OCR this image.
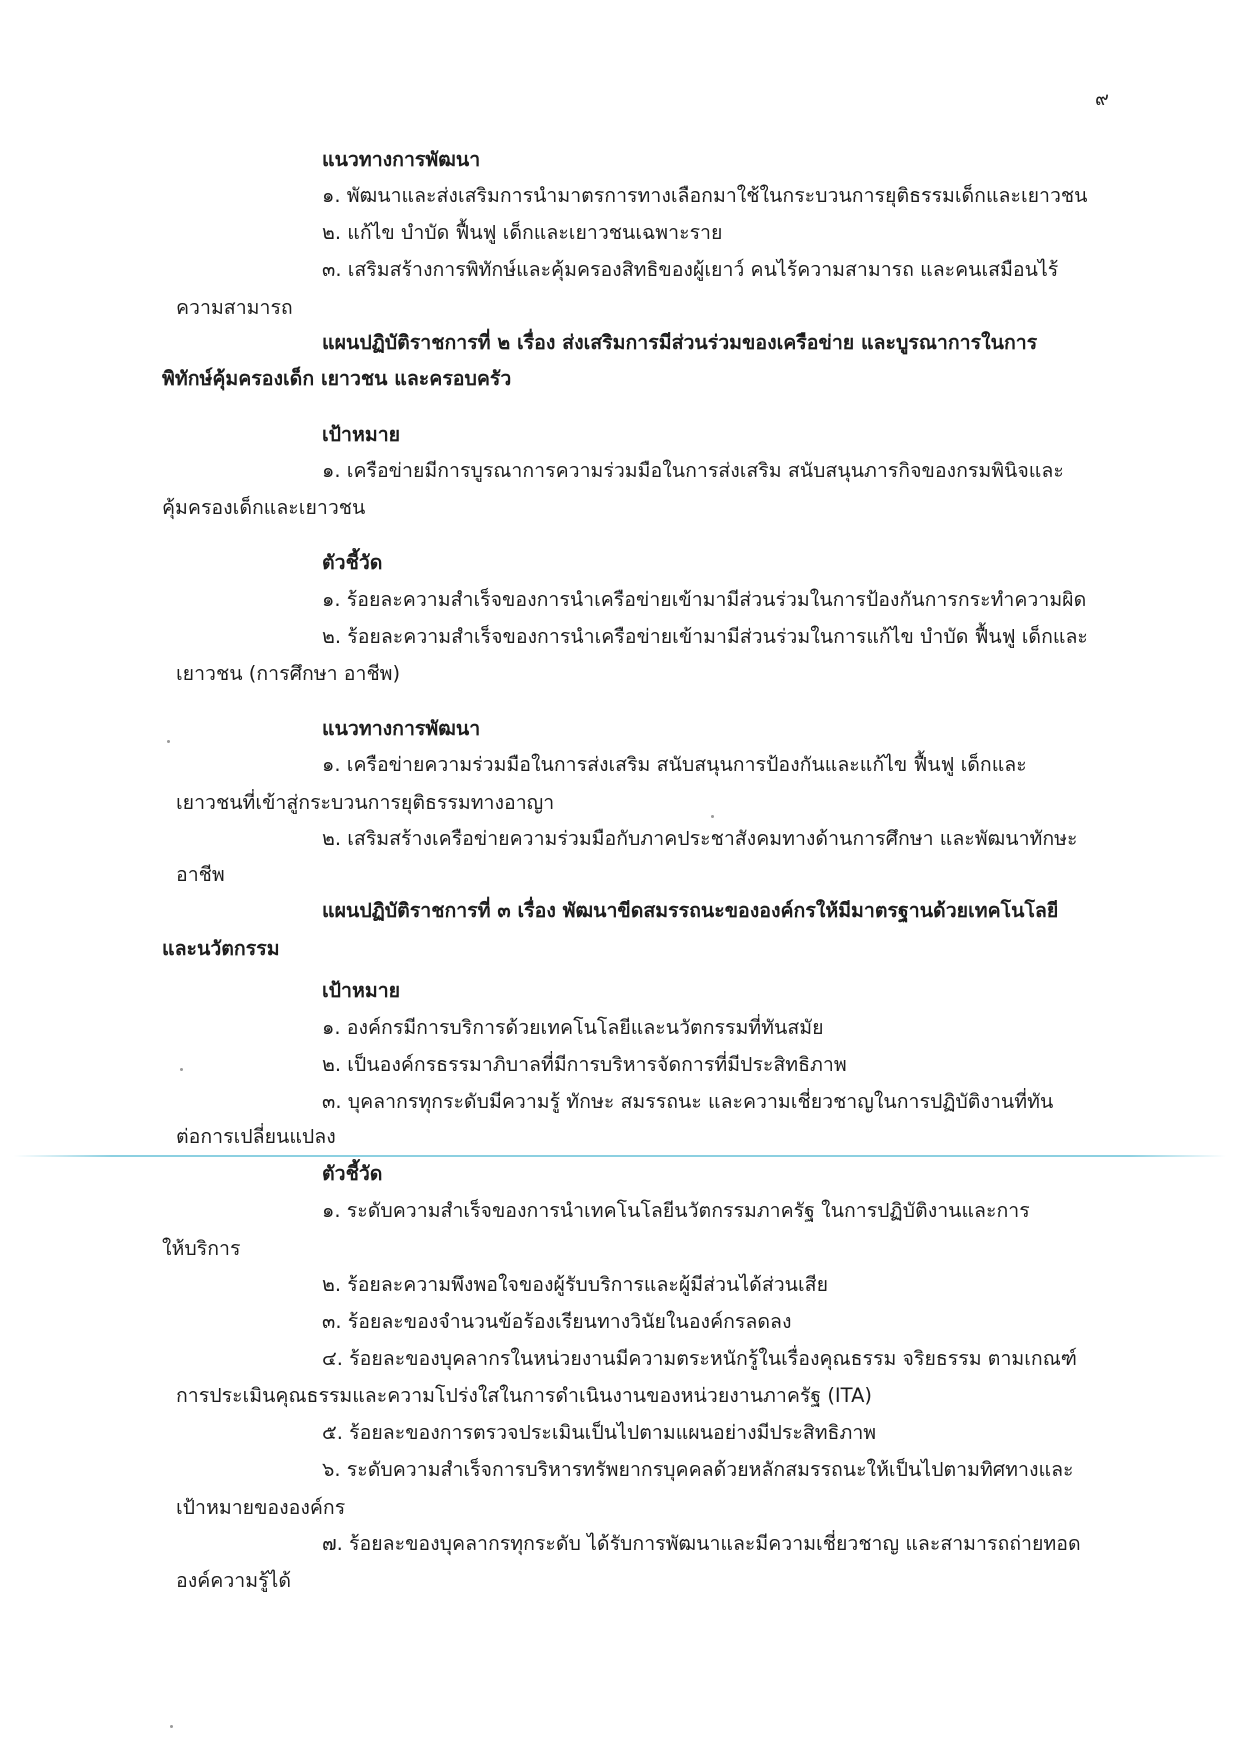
๙
แนวทางการพัฒนา
๑. พัฒนาและส่งเสริมการนำมาตรการทางเลือกมาใช้ในกระบวนการยุติธรรมเด็กและเยาวชน
๒. แก้ไข บำบัด ฟื้นฟู เด็กและเยาวชนเฉพาะราย
๓. เสริมสร้างการพิทักษ์และคุ้มครองสิทธิของผู้เยาว์ คนไร้ความสามารถ และคนเสมือนไร้
ความสามารถ
แผนปฏิบัติราชการที่ ๒ เรื่อง ส่งเสริมการมีส่วนร่วมของเครือข่าย และบูรณาการในการ
พิทักษ์คุ้มครองเด็ก เยาวชน และครอบครัว
เป้าหมาย
๑. เครือข่ายมีการบูรณาการความร่วมมือในการส่งเสริม สนับสนุนภารกิจของกรมพินิจและ
คุ้มครองเด็กและเยาวชน
ตัวชี้วัด
๑. ร้อยละความสำเร็จของการนำเครือข่ายเข้ามามีส่วนร่วมในการป้องกันการกระทำความผิด
๒. ร้อยละความสำเร็จของการนำเครือข่ายเข้ามามีส่วนร่วมในการแก้ไข บำบัด ฟื้นฟู เด็กและ
เยาวชน (การศึกษา อาชีพ)
แนวทางการพัฒนา
๑. เครือข่ายความร่วมมือในการส่งเสริม สนับสนุนการป้องกันและแก้ไข ฟื้นฟู เด็กและ
เยาวชนที่เข้าสู่กระบวนการยุติธรรมทางอาญา
๒. เสริมสร้างเครือข่ายความร่วมมือกับภาคประชาสังคมทางด้านการศึกษา และพัฒนาทักษะ
อาชีพ
แผนปฏิบัติราชการที่ ๓ เรื่อง พัฒนาขีดสมรรถนะขององค์กรให้มีมาตรฐานด้วยเทคโนโลยี
และนวัตกรรม
เป้าหมาย
๑. องค์กรมีการบริการด้วยเทคโนโลยีและนวัตกรรมที่ทันสมัย
๒. เป็นองค์กรธรรมาภิบาลที่มีการบริหารจัดการที่มีประสิทธิภาพ
๓. บุคลากรทุกระดับมีความรู้ ทักษะ สมรรถนะ และความเชี่ยวชาญในการปฏิบัติงานที่ทัน
ต่อการเปลี่ยนแปลง
ตัวชี้วัด
๑. ระดับความสำเร็จของการนำเทคโนโลยีนวัตกรรมภาครัฐ ในการปฏิบัติงานและการ
ให้บริการ
๒. ร้อยละความพึงพอใจของผู้รับบริการและผู้มีส่วนได้ส่วนเสีย
๓. ร้อยละของจำนวนข้อร้องเรียนทางวินัยในองค์กรลดลง
๔. ร้อยละของบุคลากรในหน่วยงานมีความตระหนักรู้ในเรื่องคุณธรรม จริยธรรม ตามเกณฑ์
การประเมินคุณธรรมและความโปร่งใสในการดำเนินงานของหน่วยงานภาครัฐ (ITA)
๕. ร้อยละของการตรวจประเมินเป็นไปตามแผนอย่างมีประสิทธิภาพ
๖. ระดับความสำเร็จการบริหารทรัพยากรบุคคลด้วยหลักสมรรถนะให้เป็นไปตามทิศทางและ
เป้าหมายขององค์กร
๗. ร้อยละของบุคลากรทุกระดับ ได้รับการพัฒนาและมีความเชี่ยวชาญ และสามารถถ่ายทอด
องค์ความรู้ได้
